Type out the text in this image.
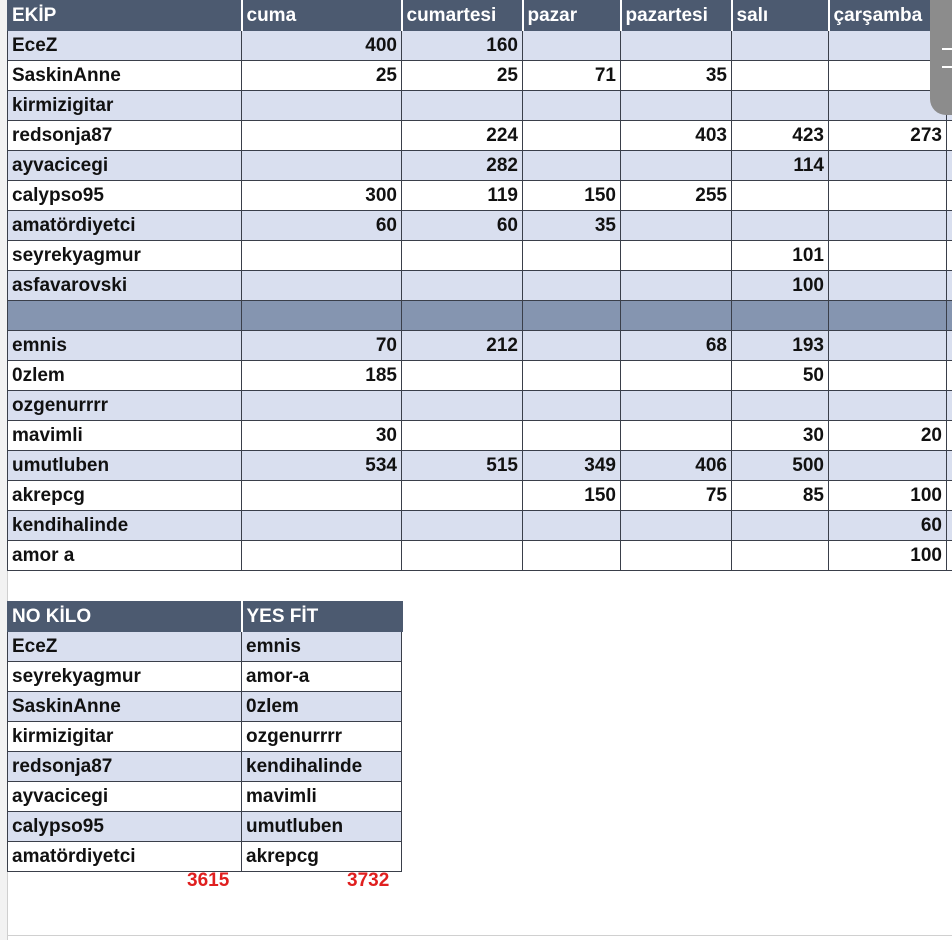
EKİP	cuma	cumartesi	pazar	pazartesi	salı	çarşamba	
EceZ	400	160					
SaskinAnne	25	25	71	35			
kirmizigitar							
redsonja87		224		403	423	273	
ayvacicegi		282			114		
calypso95	300	119	150	255			
amatördiyetci	60	60	35				
seyrekyagmur					101		
asfavarovski					100		

emnis	70	212		68	193		
0zlem	185				50		
ozgenurrrr							
mavimli	30				30	20	
umutluben	534	515	349	406	500		
akrepcg			150	75	85	100	
kendihalinde						60	
amor a						100	
NO KİLO	YES FİT
EceZ	emnis
seyrekyagmur	amor-a
SaskinAnne	0zlem
kirmizigitar	ozgenurrrr
redsonja87	kendihalinde
ayvacicegi	mavimli
calypso95	umutluben
amatördiyetci	akrepcg
3615	3732
